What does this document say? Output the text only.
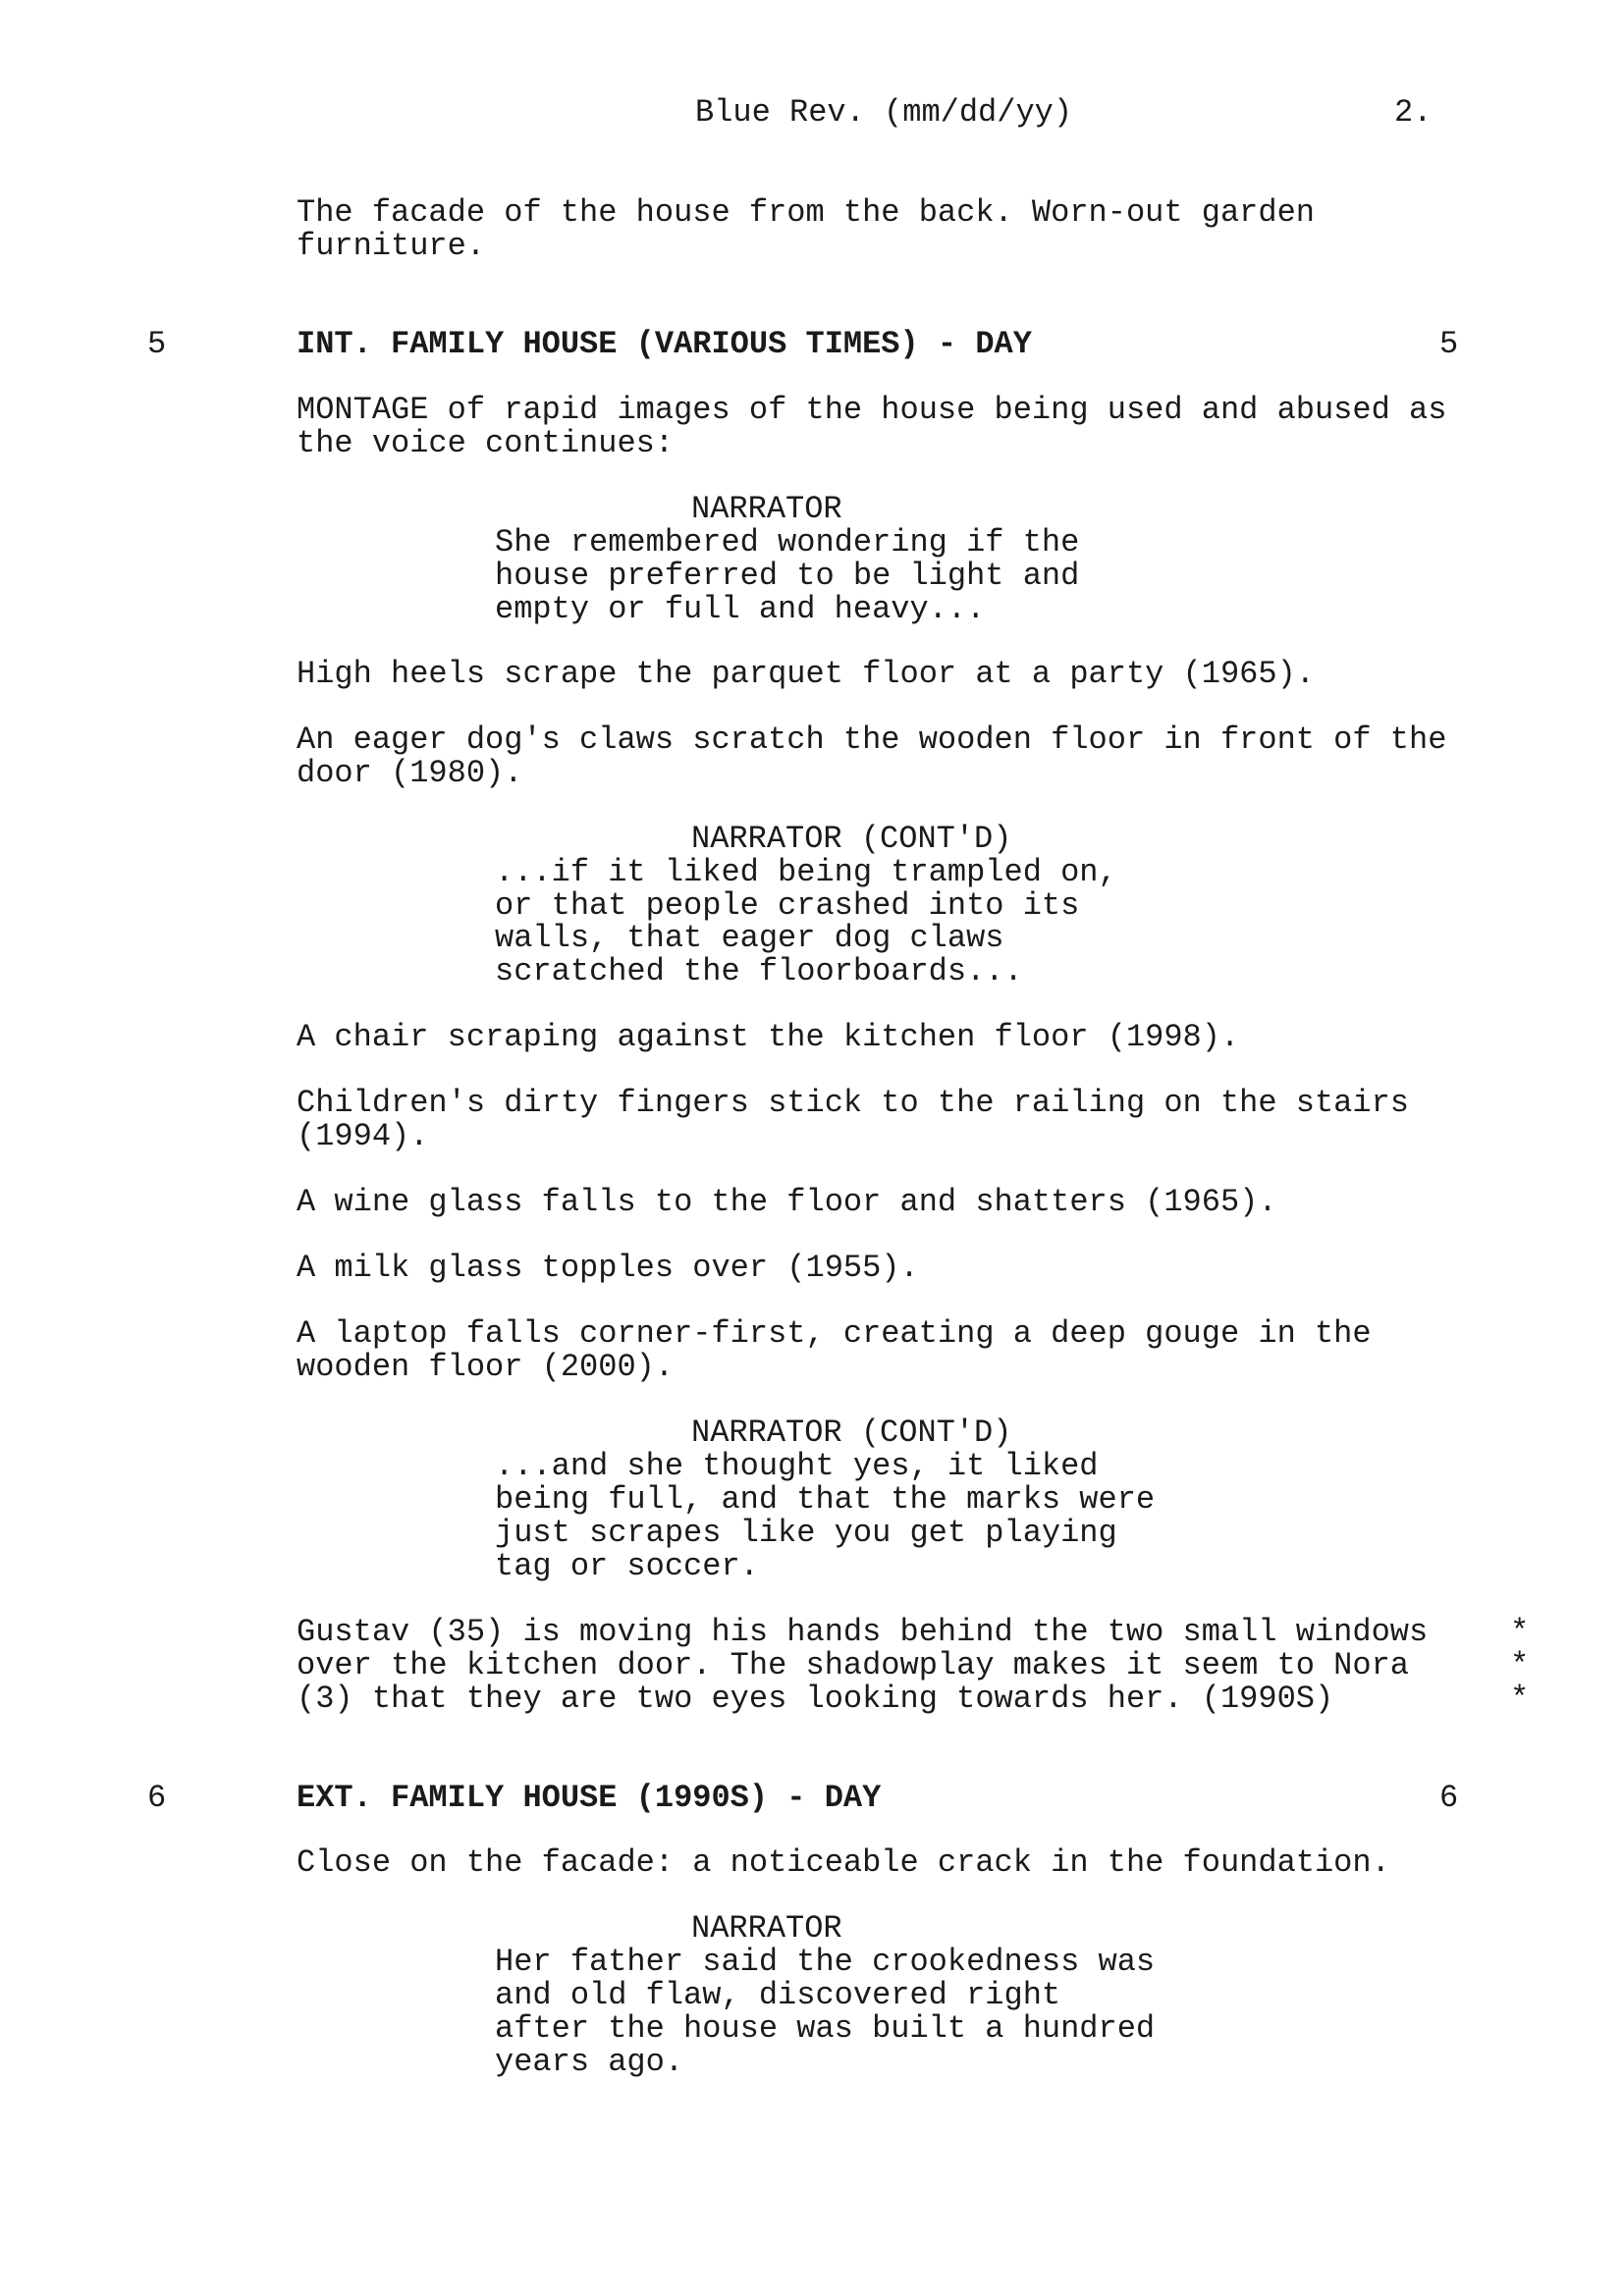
Blue Rev. (mm/dd/yy)	2.
The facade of the house from the back. Worn-out garden
furniture.
5	INT. FAMILY HOUSE (VARIOUS TIMES) - DAY	5
MONTAGE of rapid images of the house being used and abused as
the voice continues:
NARRATOR
She remembered wondering if the
house preferred to be light and
empty or full and heavy...
High heels scrape the parquet floor at a party (1965).
An eager dog's claws scratch the wooden floor in front of the
door (1980).
NARRATOR (CONT'D)
...if it liked being trampled on,
or that people crashed into its
walls, that eager dog claws
scratched the floorboards...
A chair scraping against the kitchen floor (1998).
Children's dirty fingers stick to the railing on the stairs
(1994).
A wine glass falls to the floor and shatters (1965).
A milk glass topples over (1955).
A laptop falls corner-first, creating a deep gouge in the
wooden floor (2000).
NARRATOR (CONT'D)
...and she thought yes, it liked
being full, and that the marks were
just scrapes like you get playing
tag or soccer.
Gustav (35) is moving his hands behind the two small windows
over the kitchen door. The shadowplay makes it seem to Nora
(3) that they are two eyes looking towards her. (1990S)
*
*
*
6	EXT. FAMILY HOUSE (1990S) - DAY	6
Close on the facade: a noticeable crack in the foundation.
NARRATOR
Her father said the crookedness was
and old flaw, discovered right
after the house was built a hundred
years ago.
